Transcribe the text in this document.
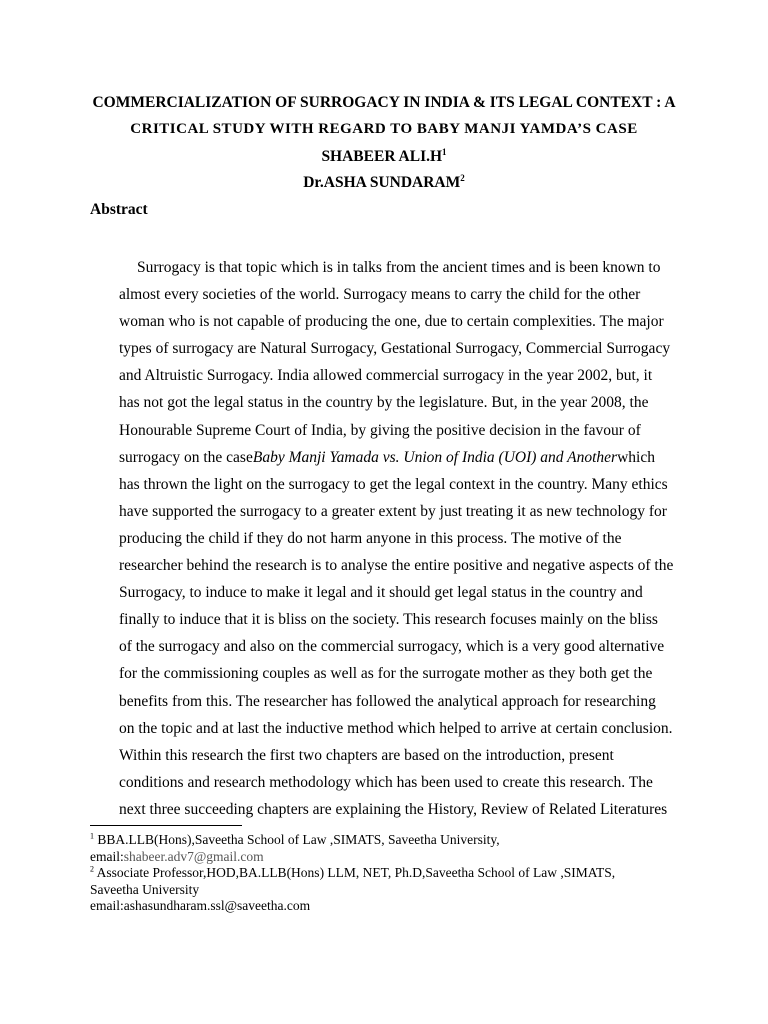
COMMERCIALIZATION OF SURROGACY IN INDIA & ITS LEGAL CONTEXT : A
CRITICAL STUDY WITH REGARD TO BABY MANJI YAMDA’S CASE
SHABEER $ALI.H^1$
Dr.ASHA SUNDARAM$^2$
Abstract
Surrogacy is that topic which is in talks from the ancient times and is been known to
almost every societies of the world. Surrogacy means to carry the child for the other
woman who is not capable of producing the one, due to certain complexities. The major
types of surrogacy are Natural Surrogacy, Gestational Surrogacy, Commercial Surrogacy
and Altruistic Surrogacy. India allowed commercial surrogacy in the year 2002, but, it
has not got the legal status in the country by the legislature. But, in the year 2008, the
Honourable Supreme Court of India, by giving the positive decision in the favour of
surrogacy on the case Baby Manji Yamada vs. Union of India (UOI) and Another which
has thrown the light on the surrogacy to get the legal context in the country. Many ethics
have supported the surrogacy to a greater extent by just treating it as new technology for
producing the child if they do not harm anyone in this process. The motive of the
researcher behind the research is to analyse the entire positive and negative aspects of the
Surrogacy, to induce to make it legal and it should get legal status in the country and
finally to induce that it is bliss on the society. This research focuses mainly on the bliss
of the surrogacy and also on the commercial surrogacy, which is a very good alternative
for the commissioning couples as well as for the surrogate mother as they both get the
benefits from this. The researcher has followed the analytical approach for researching
on the topic and at last the inductive method which helped to arrive at certain conclusion.
Within this research the first two chapters are based on the introduction, present
conditions and research methodology which has been used to create this research. The
next three succeeding chapters are explaining the History, Review of Related Literatures
$^1$ BBA.LLB(Hons),Saveetha School of Law ,SIMATS, Saveetha University,
email:shabeer.adv7@gmail.com
$^2$ Associate Professor,HOD,BA.LLB(Hons) LLM, NET, Ph.D,Saveetha School of Law ,SIMATS,
Saveetha University
email:ashasundharam.ssl@saveetha.com
